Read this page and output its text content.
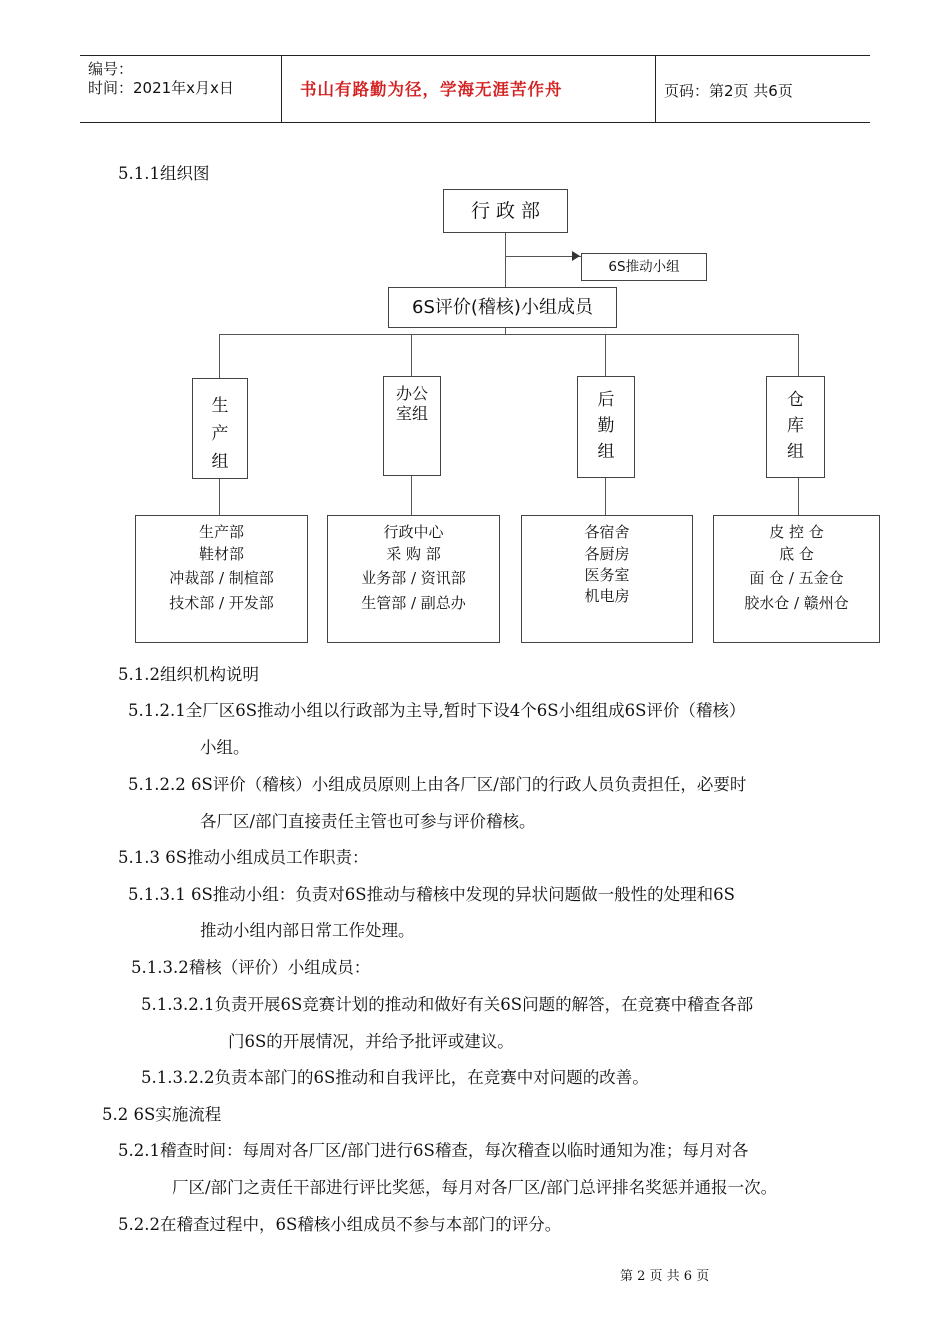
编号：
时间：2021年x月x日	书山有路勤为径，学海无涯苦作舟	页码：第2页 共6页
5.1.1组织图
行 政 部
6S推动小组
6S评价(稽核)小组成员
生
产
组
办公
室组
后
勤
组
仓
库
组
生产部
鞋材部
冲裁部 / 制楦部
技术部 / 开发部
行政中心
采 购 部
业务部 / 资讯部
生管部 / 副总办
各宿舍
各厨房
医务室
机电房
皮 控 仓
底 仓
面 仓 / 五金仓
胶水仓 / 赣州仓
5.1.2组织机构说明
5.1.2.1全厂区6S推动小组以行政部为主导,暂时下设4个6S小组组成6S评价（稽核）
小组。
5.1.2.2 6S评价（稽核）小组成员原则上由各厂区/部门的行政人员负责担任，必要时
各厂区/部门直接责任主管也可参与评价稽核。
5.1.3 6S推动小组成员工作职责：
5.1.3.1 6S推动小组：负责对6S推动与稽核中发现的异状问题做一般性的处理和6S
推动小组内部日常工作处理。
5.1.3.2稽核（评价）小组成员：
5.1.3.2.1负责开展6S竞赛计划的推动和做好有关6S问题的解答，在竞赛中稽查各部
门6S的开展情况，并给予批评或建议。
5.1.3.2.2负责本部门的6S推动和自我评比，在竞赛中对问题的改善。
5.2 6S实施流程
5.2.1稽查时间：每周对各厂区/部门进行6S稽查，每次稽查以临时通知为准；每月对各
厂区/部门之责任干部进行评比奖惩，每月对各厂区/部门总评排名奖惩并通报一次。
5.2.2在稽查过程中，6S稽核小组成员不参与本部门的评分。
第 2 页 共 6 页
